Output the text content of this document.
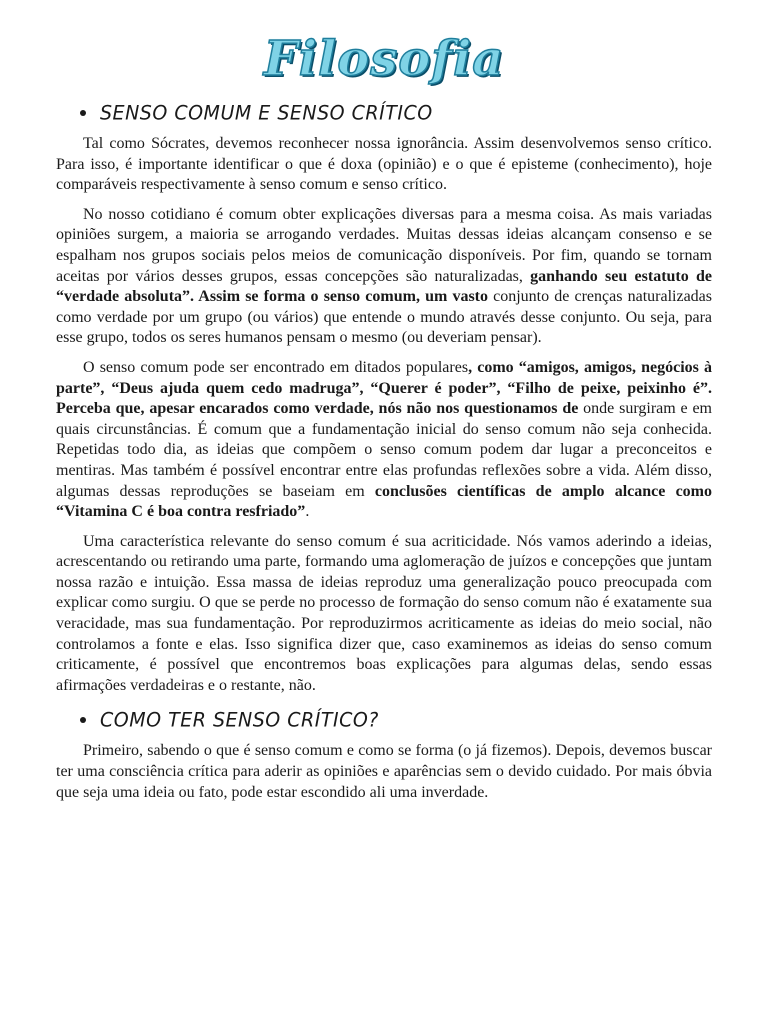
Filosofia
SENSO COMUM E SENSO CRÍTICO

Tal como Sócrates, devemos reconhecer nossa ignorância. Assim desenvolvemos senso crítico. Para isso, é importante identificar o que é doxa (opinião) e o que é episteme (conhecimento), hoje comparáveis respectivamente à senso comum e senso crítico.

No nosso cotidiano é comum obter explicações diversas para a mesma coisa. As mais variadas opiniões surgem, a maioria se arrogando verdades. Muitas dessas ideias alcançam consenso e se espalham nos grupos sociais pelos meios de comunicação disponíveis. Por fim, quando se tornam aceitas por vários desses grupos, essas concepções são naturalizadas, ganhando seu estatuto de “verdade absoluta”. Assim se forma o senso comum, um vasto conjunto de crenças naturalizadas como verdade por um grupo (ou vários) que entende o mundo através desse conjunto. Ou seja, para esse grupo, todos os seres humanos pensam o mesmo (ou deveriam pensar).

O senso comum pode ser encontrado em ditados populares, como “amigos, amigos, negócios à parte”, “Deus ajuda quem cedo madruga”, “Querer é poder”, “Filho de peixe, peixinho é”. Perceba que, apesar encarados como verdade, nós não nos questionamos de onde surgiram e em quais circunstâncias. É comum que a fundamentação inicial do senso comum não seja conhecida. Repetidas todo dia, as ideias que compõem o senso comum podem dar lugar a preconceitos e mentiras. Mas também é possível encontrar entre elas profundas reflexões sobre a vida. Além disso, algumas dessas reproduções se baseiam em conclusões científicas de amplo alcance como “Vitamina C é boa contra resfriado”.

Uma característica relevante do senso comum é sua acriticidade. Nós vamos aderindo a ideias, acrescentando ou retirando uma parte, formando uma aglomeração de juízos e concepções que juntam nossa razão e intuição. Essa massa de ideias reproduz uma generalização pouco preocupada com explicar como surgiu. O que se perde no processo de formação do senso comum não é exatamente sua veracidade, mas sua fundamentação. Por reproduzirmos acriticamente as ideias do meio social, não controlamos a fonte e elas. Isso significa dizer que, caso examinemos as ideias do senso comum criticamente, é possível que encontremos boas explicações para algumas delas, sendo essas afirmações verdadeiras e o restante, não.

COMO TER SENSO CRÍTICO?

Primeiro, sabendo o que é senso comum e como se forma (o já fizemos). Depois, devemos buscar ter uma consciência crítica para aderir as opiniões e aparências sem o devido cuidado. Por mais óbvia que seja uma ideia ou fato, pode estar escondido ali uma inverdade.
